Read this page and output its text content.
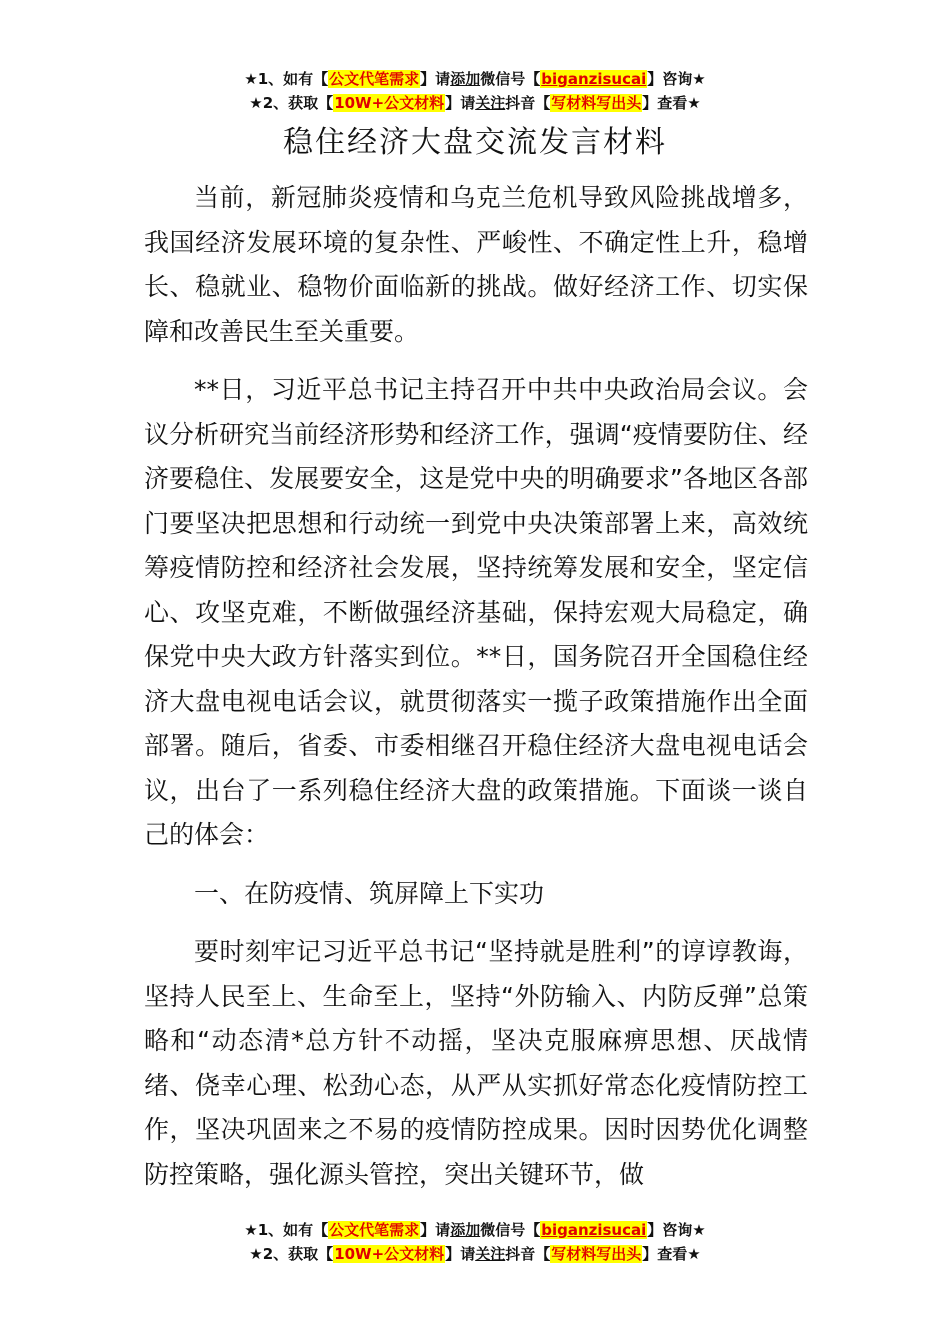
★1、如有【公文代笔需求】请添加微信号【biganzisucai】咨询★
★2、获取【10W+公文材料】请关注抖音【写材料写出头】查看★
稳住经济大盘交流发言材料

当前，新冠肺炎疫情和乌克兰危机导致风险挑战增多，我国经济发展环境的复杂性、严峻性、不确定性上升，稳增长、稳就业、稳物价面临新的挑战。做好经济工作、切实保障和改善民生至关重要。

**日，习近平总书记主持召开中共中央政治局会议。会议分析研究当前经济形势和经济工作，强调“疫情要防住、经济要稳住、发展要安全，这是党中央的明确要求”各地区各部门要坚决把思想和行动统一到党中央决策部署上来，高效统筹疫情防控和经济社会发展，坚持统筹发展和安全，坚定信心、攻坚克难，不断做强经济基础，保持宏观大局稳定，确保党中央大政方针落实到位。**日，国务院召开全国稳住经济大盘电视电话会议，就贯彻落实一揽子政策措施作出全面部署。随后，省委、市委相继召开稳住经济大盘电视电话会议，出台了一系列稳住经济大盘的政策措施。下面谈一谈自己的体会：

一、在防疫情、筑屏障上下实功

要时刻牢记习近平总书记“坚持就是胜利”的谆谆教诲，坚持人民至上、生命至上，坚持“外防输入、内防反弹”总策略和“动态清*总方针不动摇，坚决克服麻痹思想、厌战情绪、侥幸心理、松劲心态，从严从实抓好常态化疫情防控工作，坚决巩固来之不易的疫情防控成果。因时因势优化调整防控策略，强化源头管控，突出关键环节，做

★1、如有【公文代笔需求】请添加微信号【biganzisucai】咨询★
★2、获取【10W+公文材料】请关注抖音【写材料写出头】查看★
